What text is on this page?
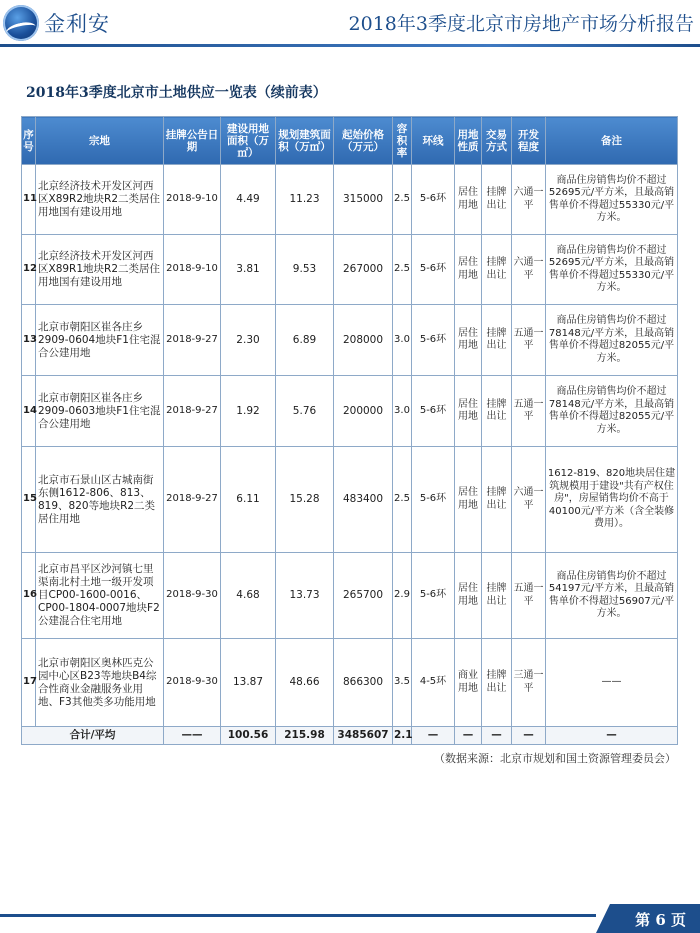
金利安	2018年3季度北京市房地产市场分析报告
2018年3季度北京市土地供应一览表（续前表）
序号	宗地	挂牌公告日期	建设用地面积（万㎡）	规划建筑面积（万㎡）	起始价格（万元）	容积率	环线	用地性质	交易方式	开发程度	备注
11	北京经济技术开发区河西区X89R2地块R2二类居住用地国有建设用地	2018-9-10	4.49	11.23	315000	2.5	5-6环	居住用地	挂牌出让	六通一平	商品住房销售均价不超过52695元/平方米，且最高销售单价不得超过55330元/平方米。
12	北京经济技术开发区河西区X89R1地块R2二类居住用地国有建设用地	2018-9-10	3.81	9.53	267000	2.5	5-6环	居住用地	挂牌出让	六通一平	商品住房销售均价不超过52695元/平方米，且最高销售单价不得超过55330元/平方米。
13	北京市朝阳区崔各庄乡2909-0604地块F1住宅混合公建用地	2018-9-27	2.30	6.89	208000	3.0	5-6环	居住用地	挂牌出让	五通一平	商品住房销售均价不超过78148元/平方米，且最高销售单价不得超过82055元/平方米。
14	北京市朝阳区崔各庄乡2909-0603地块F1住宅混合公建用地	2018-9-27	1.92	5.76	200000	3.0	5-6环	居住用地	挂牌出让	五通一平	商品住房销售均价不超过78148元/平方米，且最高销售单价不得超过82055元/平方米。
15	北京市石景山区古城南街东侧1612-806、813、819、820等地块R2二类居住用地	2018-9-27	6.11	15.28	483400	2.5	5-6环	居住用地	挂牌出让	六通一平	1612-819、820地块居住建筑规模用于建设"共有产权住房"，房屋销售均价不高于40100元/平方米（含全装修费用）。
16	北京市昌平区沙河镇七里渠南北村土地一级开发项目CP00-1600-0016、CP00-1804-0007地块F2公建混合住宅用地	2018-9-30	4.68	13.73	265700	2.9	5-6环	居住用地	挂牌出让	五通一平	商品住房销售均价不超过54197元/平方米，且最高销售单价不得超过56907元/平方米。
17	北京市朝阳区奥林匹克公园中心区B23等地块B4综合性商业金融服务业用地、F3其他类多功能用地	2018-9-30	13.87	48.66	866300	3.5	4-5环	商业用地	挂牌出让	三通一平	——
合计/平均		——	100.56	215.98	3485607	2.1	—	—	—	—	—
（数据来源：北京市规划和国土资源管理委员会）
第 6 页
